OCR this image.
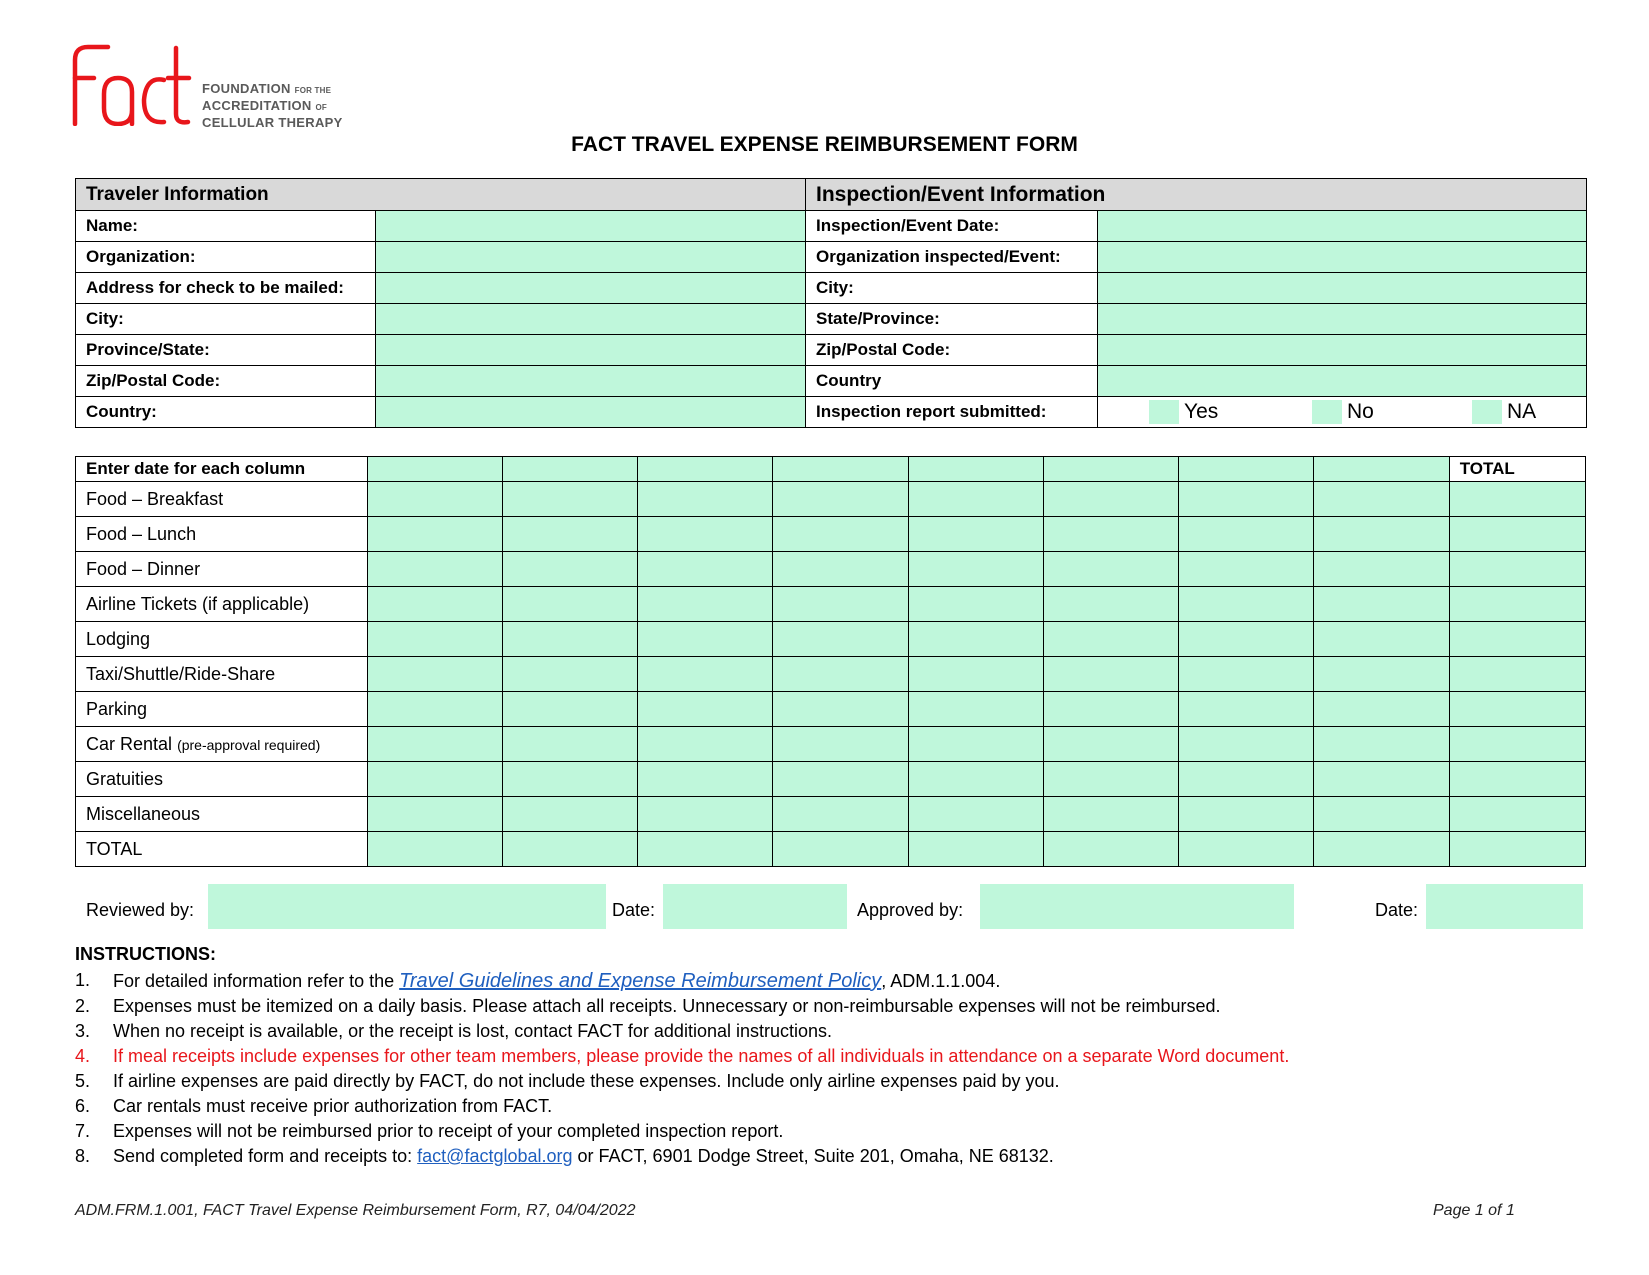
FOUNDATION FOR THE
ACCREDITATION OF
CELLULAR THERAPY
FACT TRAVEL EXPENSE REIMBURSEMENT FORM
Traveler Information		Inspection/Event Information	
Name:		Inspection/Event Date:	
Organization:		Organization inspected/Event:	
Address for check to be mailed:		City:	
City:		State/Province:	
Province/State:		Zip/Postal Code:	
Zip/Postal Code:		Country	
Country:		Inspection report submitted:	Yes No NA
Enter date for each column									TOTAL
Food – Breakfast									
Food – Lunch									
Food – Dinner									
Airline Tickets (if applicable)									
Lodging									
Taxi/Shuttle/Ride-Share									
Parking									
Car Rental (pre-approval required)									
Gratuities									
Miscellaneous									
TOTAL									
Reviewed by:	Date:	Approved by:	Date:
INSTRUCTIONS:
1.	For detailed information refer to the Travel Guidelines and Expense Reimbursement Policy, ADM.1.1.004.
2.	Expenses must be itemized on a daily basis. Please attach all receipts. Unnecessary or non-reimbursable expenses will not be reimbursed.
3.	When no receipt is available, or the receipt is lost, contact FACT for additional instructions.
4.	If meal receipts include expenses for other team members, please provide the names of all individuals in attendance on a separate Word document.
5.	If airline expenses are paid directly by FACT, do not include these expenses. Include only airline expenses paid by you.
6.	Car rentals must receive prior authorization from FACT.
7.	Expenses will not be reimbursed prior to receipt of your completed inspection report.
8.	Send completed form and receipts to: fact@factglobal.org or FACT, 6901 Dodge Street, Suite 201, Omaha, NE 68132.
ADM.FRM.1.001, FACT Travel Expense Reimbursement Form, R7, 04/04/2022	Page 1 of 1
